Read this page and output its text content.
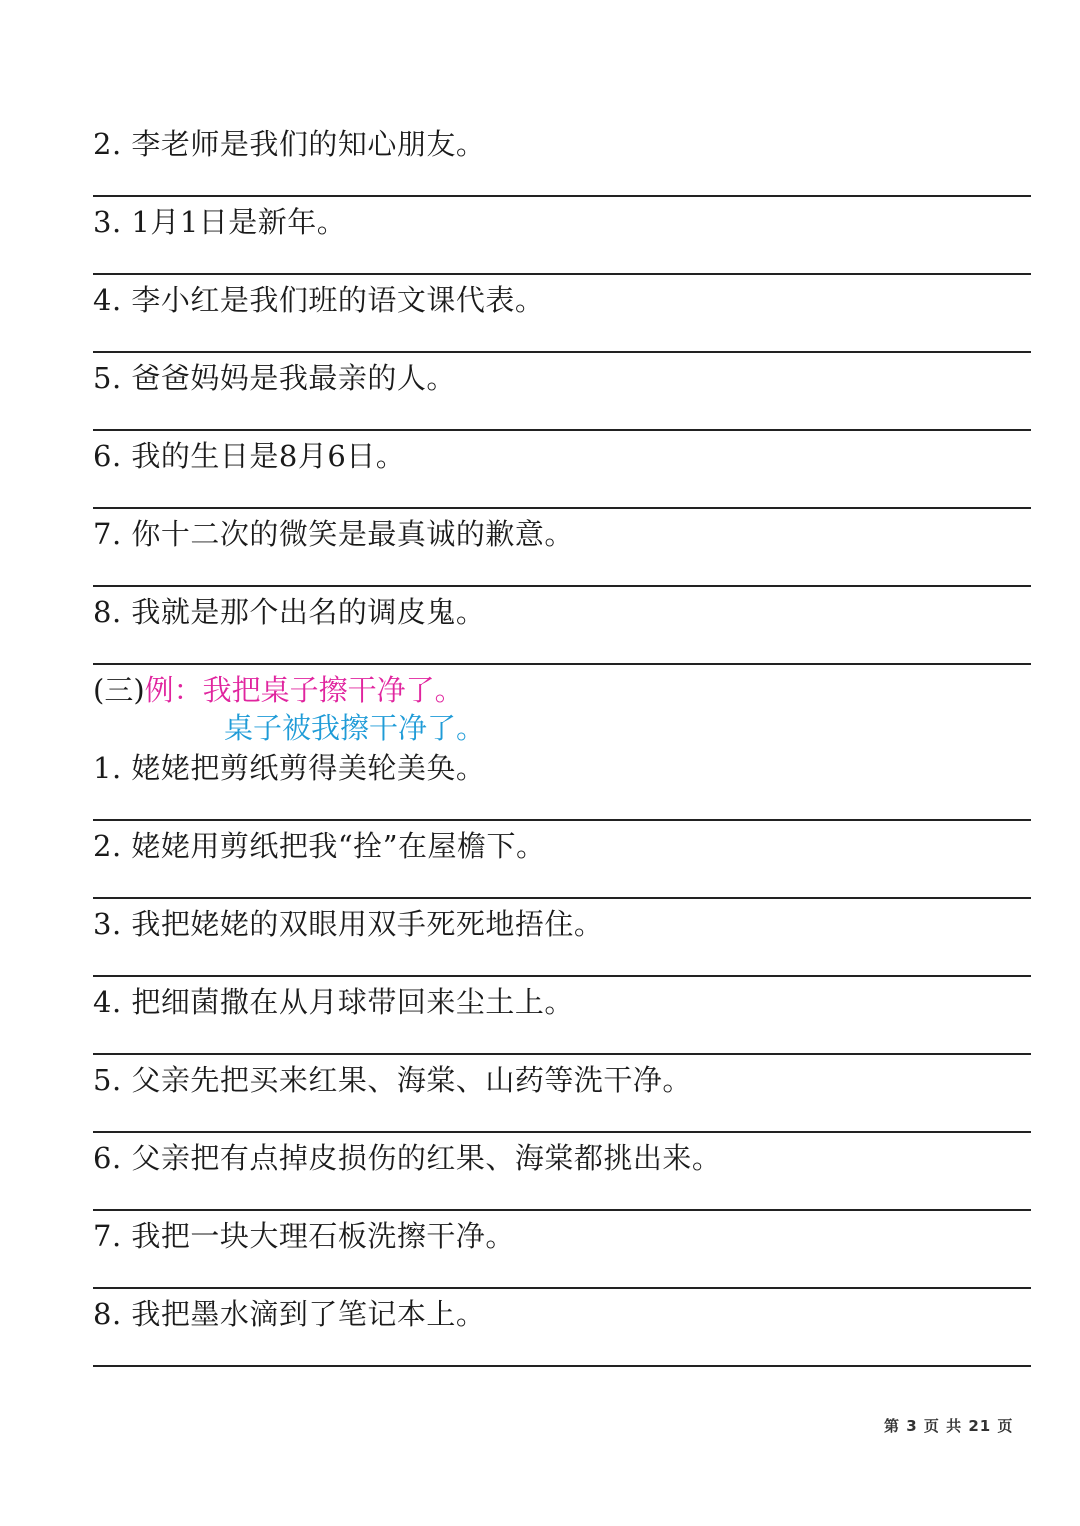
2. 李老师是我们的知心朋友。
3. 1月1日是新年。
4. 李小红是我们班的语文课代表。
5. 爸爸妈妈是我最亲的人。
6. 我的生日是8月6日。
7. 你十二次的微笑是最真诚的歉意。
8. 我就是那个出名的调皮鬼。
(三)例：我把桌子擦干净了。
桌子被我擦干净了。
1. 姥姥把剪纸剪得美轮美奂。
2. 姥姥用剪纸把我“拴”在屋檐下。
3. 我把姥姥的双眼用双手死死地捂住。
4. 把细菌撒在从月球带回来尘土上。
5. 父亲先把买来红果、海棠、山药等洗干净。
6. 父亲把有点掉皮损伤的红果、海棠都挑出来。
7. 我把一块大理石板洗擦干净。
8. 我把墨水滴到了笔记本上。
第 3 页 共 21 页
